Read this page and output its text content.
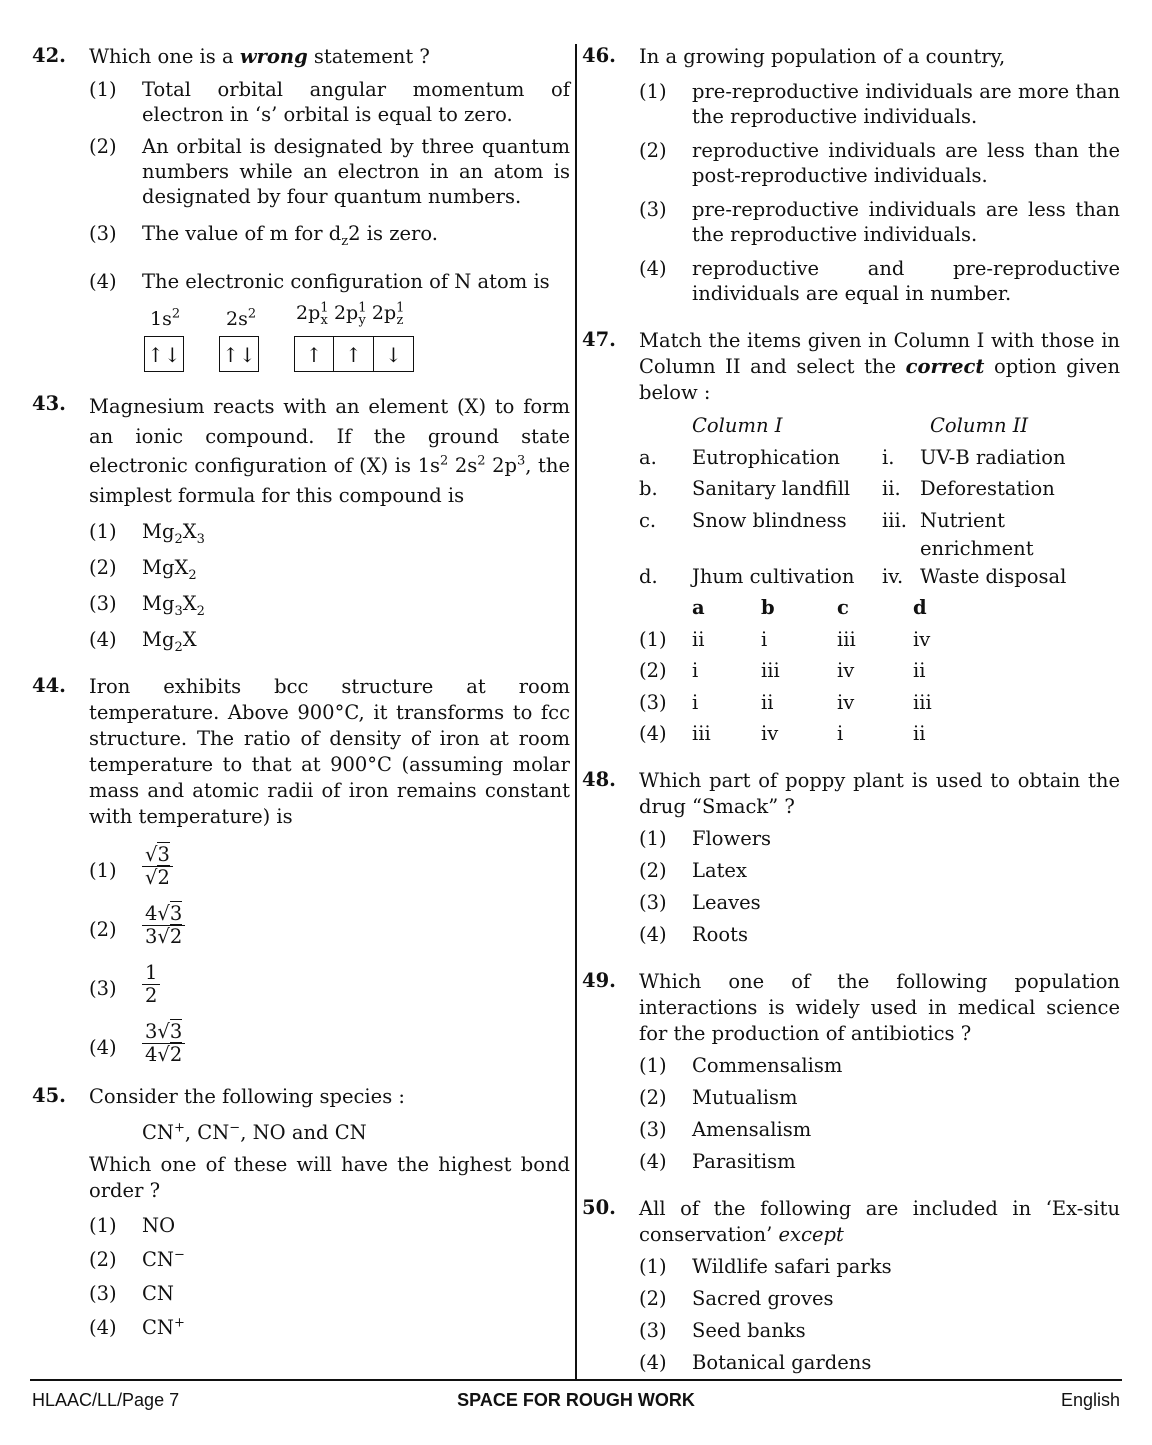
42. Which one is a wrong statement ?
(1) Total orbital angular momentum of electron in ‘s’ orbital is equal to zero.
(2) An orbital is designated by three quantum numbers while an electron in an atom is designated by four quantum numbers.
(3) The value of m for $d_z2$ is zero.
(4) The electronic configuration of N atom is
$1s^2$ $2s^2$ $2p^1_x$ $2p^1_y$ $2p^1_z$
↑↓ ↑↓	↑	↑	↓
43. Magnesium reacts with an element (X) to form an ionic compound. If the ground state electronic configuration of (X) is $1s^2$ $2s^2$ $2p^3$, the simplest formula for this compound is
(1) $Mg_2X_3$
(2) MgX$_2$
(3) $Mg_3X_2$
(4) $Mg_2X$
44. Iron exhibits bcc structure at room temperature. Above 900°C, it transforms to fcc structure. The ratio of density of iron at room temperature to that at 900°C (assuming molar mass and atomic radii of iron remains constant with temperature) is
$(1) \frac{√3}{√2}$
$(2) \frac{4√3}{3√2}$
$(3) \frac{1}{2}$
$(4) \frac{3√3}{4√2}$
45. Consider the following species :
CN+, CN−, NO and CN
Which one of these will have the highest bond order ?
(1) NO
(2) CN−
(3) CN
(4) CN+
46. In a growing population of a country,
(1) pre-reproductive individuals are more than the reproductive individuals.
(2) reproductive individuals are less than the post-reproductive individuals.
(3) pre-reproductive individuals are less than the reproductive individuals.
(4) reproductive and pre-reproductive individuals are equal in number.
47. Match the items given in Column I with those in Column II and select the correct option given below :
	Column I		Column II
a.	Eutrophication	i.	UV-B radiation
b.	Sanitary landfill	ii.	Deforestation
c.	Snow blindness	iii.	Nutrient enrichment
d.	Jhum cultivation	iv.	Waste disposal
	a	b	c	d
(1)	ii	i	iii	iv
(2)	i	iii	iv	ii
(3)	i	ii	iv	iii
(4)	iii	iv	i	ii
48. Which part of poppy plant is used to obtain the drug “Smack” ?
(1) Flowers
(2) Latex
(3) Leaves
(4) Roots
49. Which one of the following population interactions is widely used in medical science for the production of antibiotics ?
(1) Commensalism
(2) Mutualism
(3) Amensalism
(4) Parasitism
50. All of the following are included in ‘Ex-situ conservation’ except
(1) Wildlife safari parks
(2) Sacred groves
(3) Seed banks
(4) Botanical gardens
HLAAC/LL/Page 7	SPACE FOR ROUGH WORK	English
